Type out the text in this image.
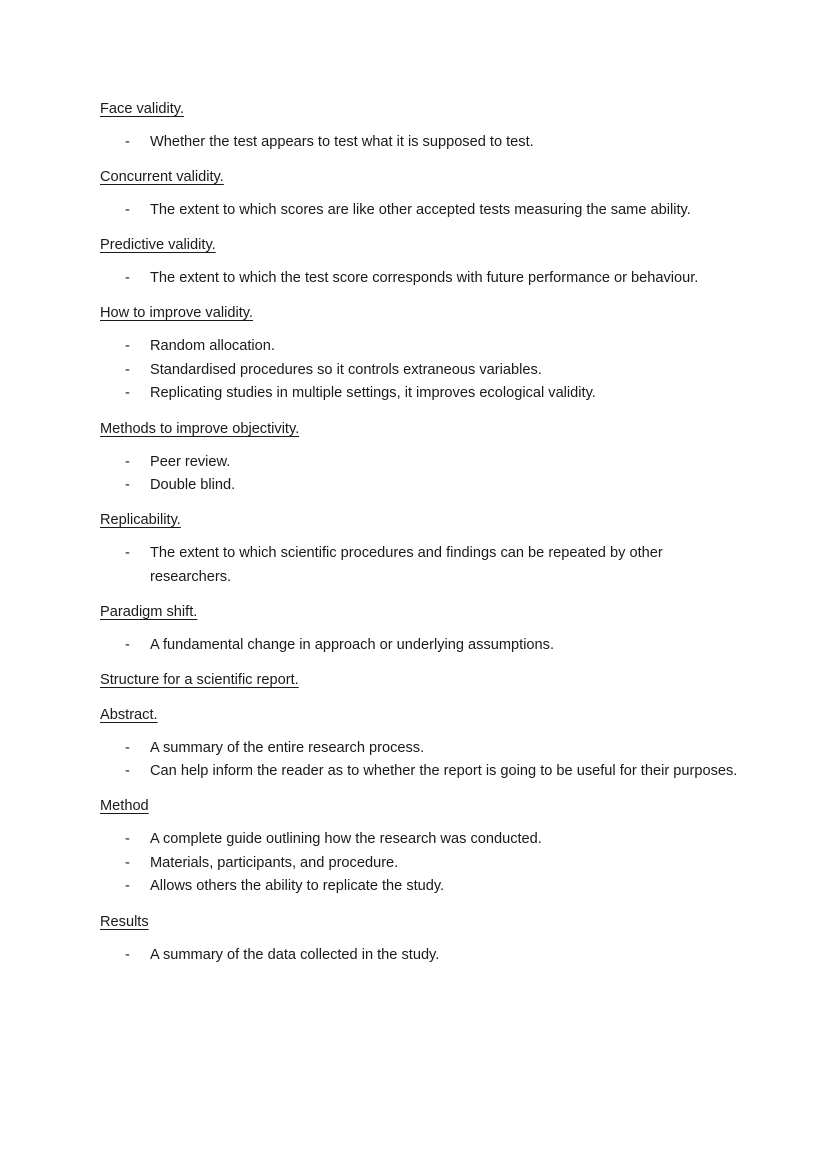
Face validity.
- Whether the test appears to test what it is supposed to test.
Concurrent validity.
- The extent to which scores are like other accepted tests measuring the same ability.
Predictive validity.
- The extent to which the test score corresponds with future performance or behaviour.
How to improve validity.
- Random allocation.
- Standardised procedures so it controls extraneous variables.
- Replicating studies in multiple settings, it improves ecological validity.
Methods to improve objectivity.
- Peer review.
- Double blind.
Replicability.
- The extent to which scientific procedures and findings can be repeated by other researchers.
Paradigm shift.
- A fundamental change in approach or underlying assumptions.
Structure for a scientific report.
Abstract.
- A summary of the entire research process.
- Can help inform the reader as to whether the report is going to be useful for their purposes.
Method
- A complete guide outlining how the research was conducted.
- Materials, participants, and procedure.
- Allows others the ability to replicate the study.
Results
- A summary of the data collected in the study.
